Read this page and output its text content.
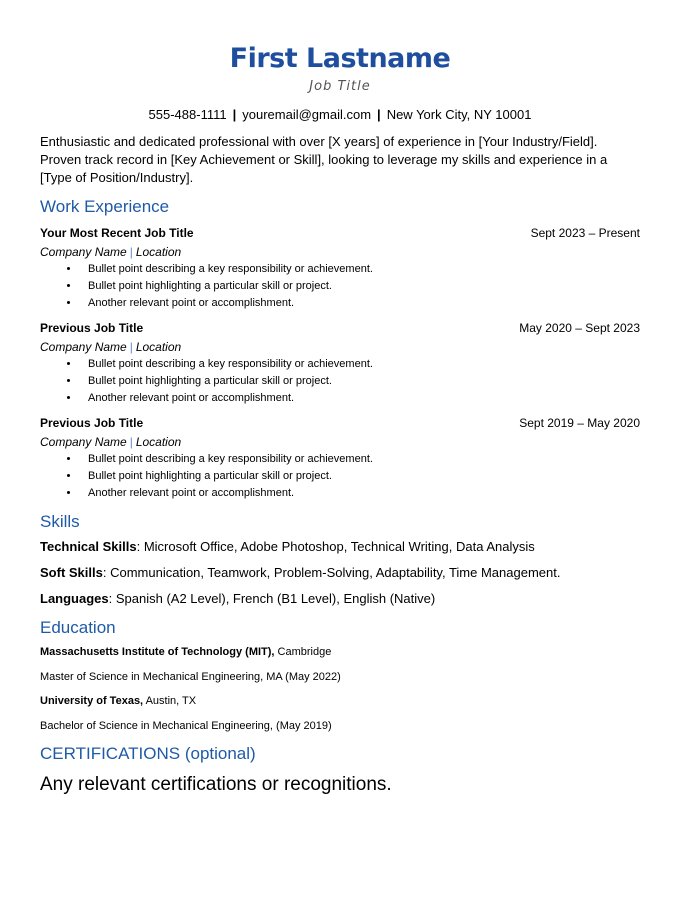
First Lastname
Job Title
555-488-1111 | youremail@gmail.com | New York City, NY 10001
Enthusiastic and dedicated professional with over [X years] of experience in [Your Industry/Field]. Proven track record in [Key Achievement or Skill], looking to leverage my skills and experience in a [Type of Position/Industry].
Work Experience
Your Most Recent Job Title	Sept 2023 – Present
Company Name | Location
• Bullet point describing a key responsibility or achievement.
• Bullet point highlighting a particular skill or project.
• Another relevant point or accomplishment.
Previous Job Title	May 2020 – Sept 2023
Company Name | Location
• Bullet point describing a key responsibility or achievement.
• Bullet point highlighting a particular skill or project.
• Another relevant point or accomplishment.
Previous Job Title	Sept 2019 – May 2020
Company Name | Location
• Bullet point describing a key responsibility or achievement.
• Bullet point highlighting a particular skill or project.
• Another relevant point or accomplishment.
Skills
Technical Skills: Microsoft Office, Adobe Photoshop, Technical Writing, Data Analysis
Soft Skills: Communication, Teamwork, Problem-Solving, Adaptability, Time Management.
Languages: Spanish (A2 Level), French (B1 Level), English (Native)
Education
Massachusetts Institute of Technology (MIT), Cambridge
Master of Science in Mechanical Engineering, MA (May 2022)
University of Texas, Austin, TX
Bachelor of Science in Mechanical Engineering, (May 2019)
CERTIFICATIONS (optional)
Any relevant certifications or recognitions.
